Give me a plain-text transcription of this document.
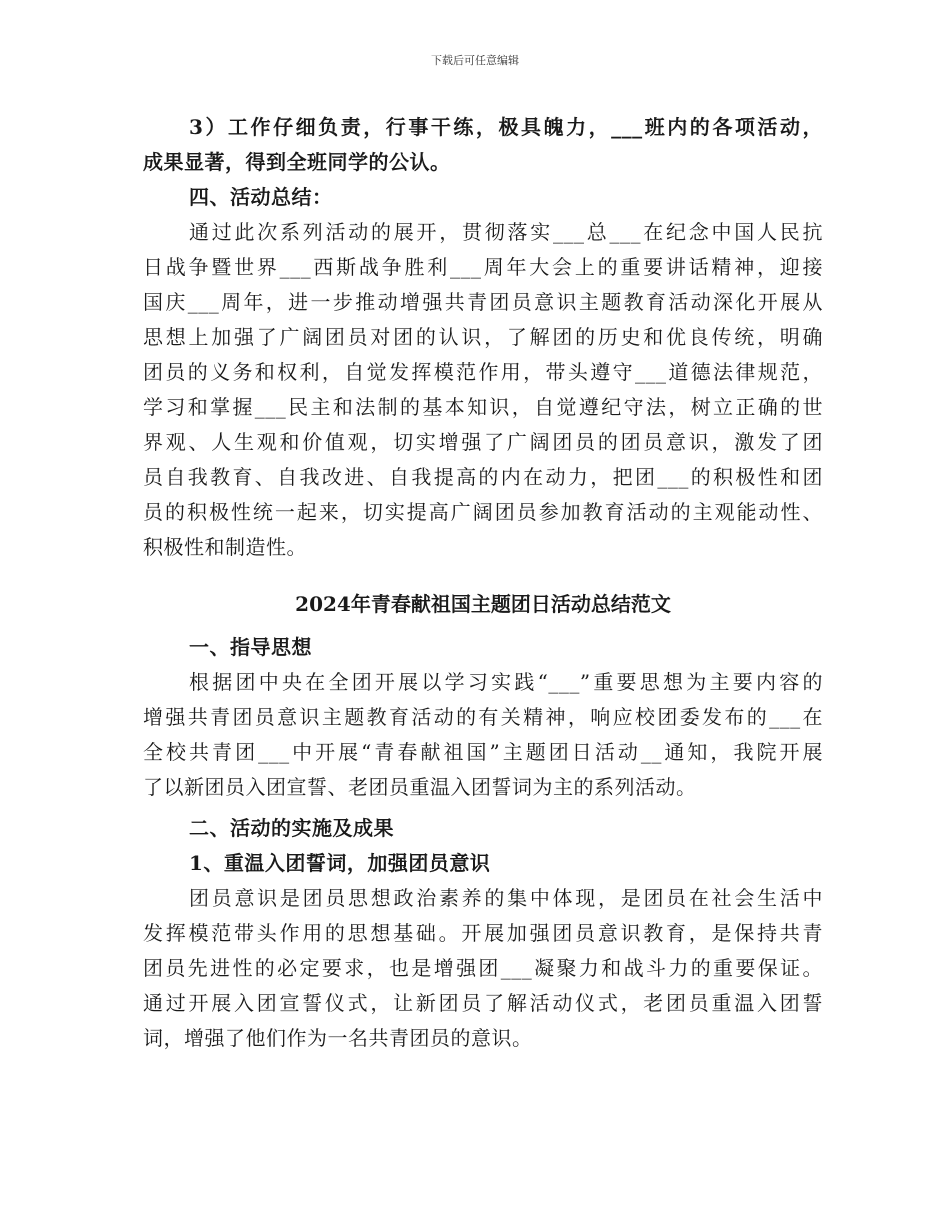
下载后可任意编辑
3）工作仔细负责，行事干练，极具魄力，___班内的各项活动，
成果显著，得到全班同学的公认。
四、活动总结：
通过此次系列活动的展开，贯彻落实___总___在纪念中国人民抗
日战争暨世界___西斯战争胜利___周年大会上的重要讲话精神，迎接
国庆___周年，进一步推动增强共青团员意识主题教育活动深化开展从
思想上加强了广阔团员对团的认识，了解团的历史和优良传统，明确
团员的义务和权利，自觉发挥模范作用，带头遵守___道德法律规范，
学习和掌握___民主和法制的基本知识，自觉遵纪守法，树立正确的世
界观、人生观和价值观，切实增强了广阔团员的团员意识，激发了团
员自我教育、自我改进、自我提高的内在动力，把团___的积极性和团
员的积极性统一起来，切实提高广阔团员参加教育活动的主观能动性、
积极性和制造性。
2024年青春献祖国主题团日活动总结范文
一、指导思想
根据团中央在全团开展以学习实践“___”重要思想为主要内容的
增强共青团员意识主题教育活动的有关精神，响应校团委发布的___在
全校共青团___中开展“青春献祖国”主题团日活动__通知，我院开展
了以新团员入团宣誓、老团员重温入团誓词为主的系列活动。
二、活动的实施及成果
1、重温入团誓词，加强团员意识
团员意识是团员思想政治素养的集中体现，是团员在社会生活中
发挥模范带头作用的思想基础。开展加强团员意识教育，是保持共青
团员先进性的必定要求，也是增强团___凝聚力和战斗力的重要保证。
通过开展入团宣誓仪式，让新团员了解活动仪式，老团员重温入团誓
词，增强了他们作为一名共青团员的意识。
